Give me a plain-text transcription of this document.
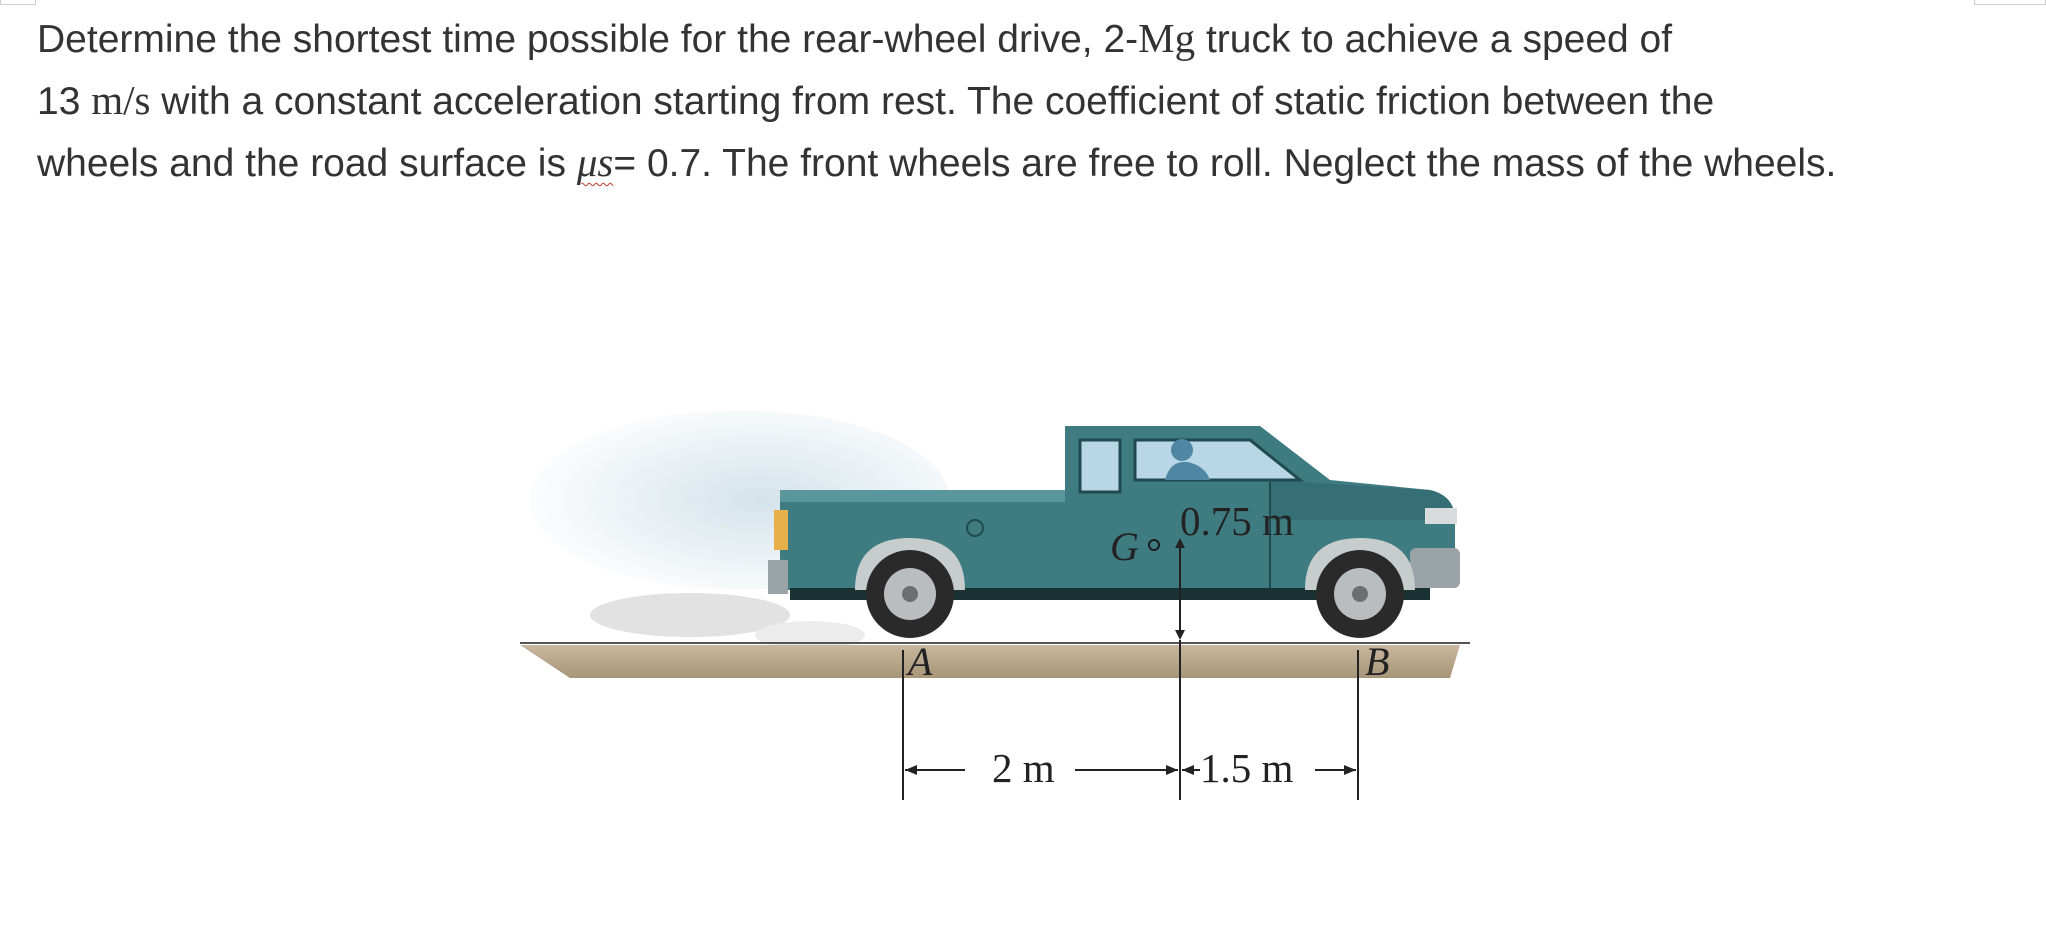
Determine the shortest time possible for the rear-wheel drive, 2-Mg truck to achieve a speed of
13 m/s with a constant acceleration starting from rest. The coefficient of static friction between the
wheels and the road surface is μs= 0.7. The front wheels are free to roll. Neglect the mass of the wheels.

G
0.75 m
A	B
2 m	1.5 m
